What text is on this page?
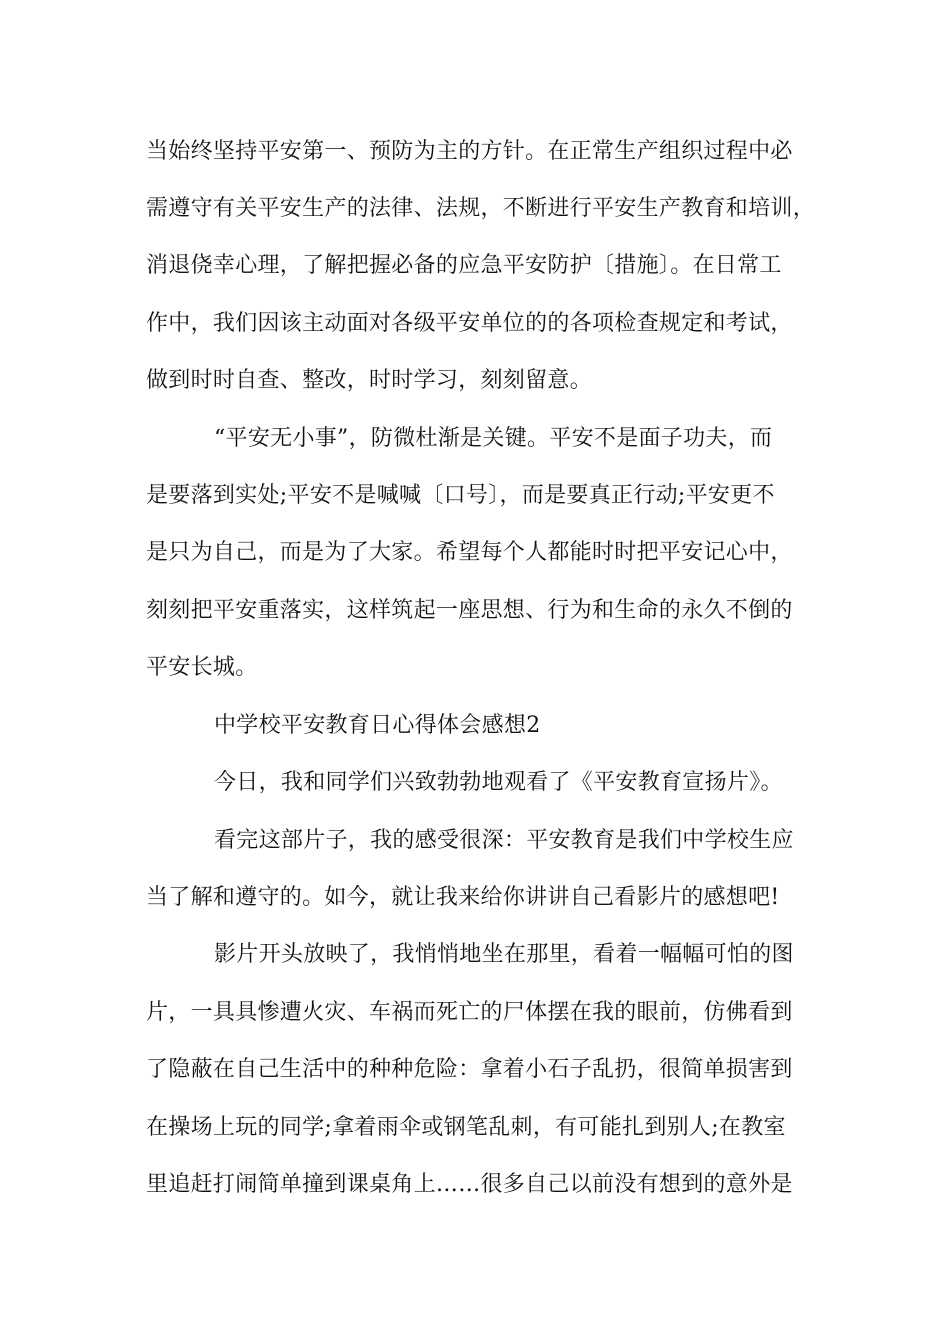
当始终坚持平安第一、预防为主的方针。在正常生产组织过程中必
需遵守有关平安生产的法律、法规，不断进行平安生产教育和培训，
消退侥幸心理，了解把握必备的应急平安防护〔措施〕。在日常工
作中，我们因该主动面对各级平安单位的的各项检查规定和考试，
做到时时自查、整改，时时学习，刻刻留意。
“平安无小事”，防微杜渐是关键。平安不是面子功夫，而
是要落到实处;平安不是喊喊〔口号〕，而是要真正行动;平安更不
是只为自己，而是为了大家。希望每个人都能时时把平安记心中，
刻刻把平安重落实，这样筑起一座思想、行为和生命的永久不倒的
平安长城。
中学校平安教育日心得体会感想2
今日，我和同学们兴致勃勃地观看了《平安教育宣扬片》。
看完这部片子，我的感受很深：平安教育是我们中学校生应
当了解和遵守的。如今，就让我来给你讲讲自己看影片的感想吧!
影片开头放映了，我悄悄地坐在那里，看着一幅幅可怕的图
片，一具具惨遭火灾、车祸而死亡的尸体摆在我的眼前，仿佛看到
了隐蔽在自己生活中的种种危险：拿着小石子乱扔，很简单损害到
在操场上玩的同学;拿着雨伞或钢笔乱刺，有可能扎到别人;在教室
里追赶打闹简单撞到课桌角上……很多自己以前没有想到的意外是
